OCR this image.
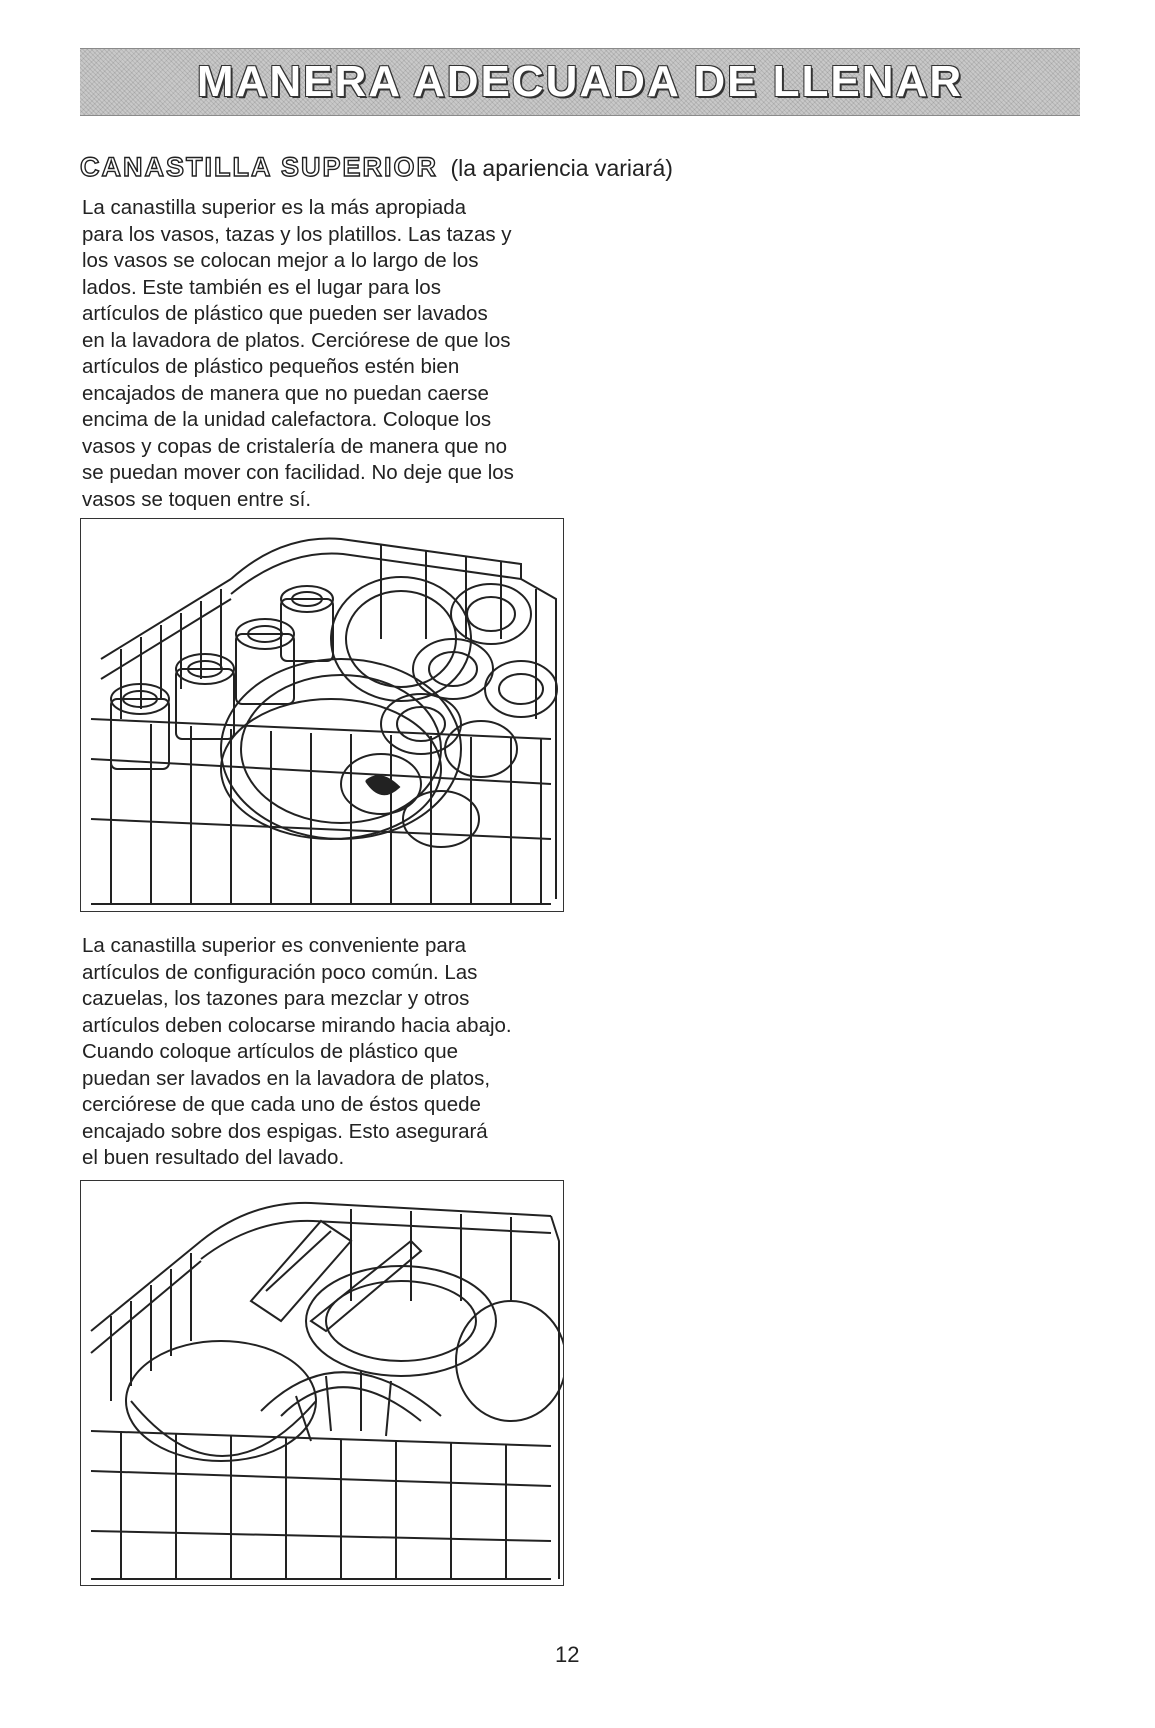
MANERA ADECUADA DE LLENAR
CANASTILLA SUPERIOR (la apariencia variará)
La canastilla superior es la más apropiada
para los vasos, tazas y los platillos. Las tazas y
los vasos se colocan mejor a lo largo de los
lados. Este también es el lugar para los
artículos de plástico que pueden ser lavados
en la lavadora de platos. Cerciórese de que los
artículos de plástico pequeños estén bien
encajados de manera que no puedan caerse
encima de la unidad calefactora. Coloque los
vasos y copas de cristalería de manera que no
se puedan mover con facilidad. No deje que los
vasos se toquen entre sí.
La canastilla superior es conveniente para
artículos de configuración poco común. Las
cazuelas, los tazones para mezclar y otros
artículos deben colocarse mirando hacia abajo.
Cuando coloque artículos de plástico que
puedan ser lavados en la lavadora de platos,
cerciórese de que cada uno de éstos quede
encajado sobre dos espigas. Esto asegurará
el buen resultado del lavado.
12
